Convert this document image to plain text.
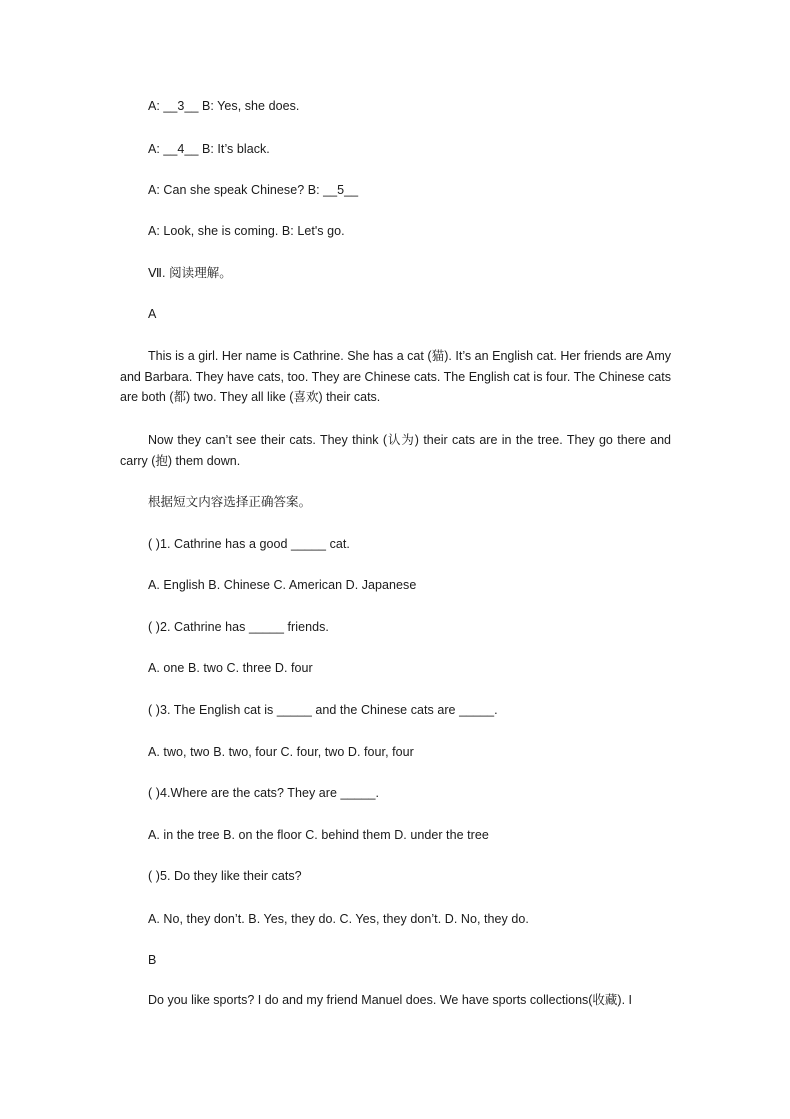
A: __3__ B: Yes, she does.
A: __4__ B: It’s black.
A: Can she speak Chinese? B: __5__
A: Look, she is coming. B: Let's go.
Ⅶ. 阅读理解。
A
This is a girl. Her name is Cathrine. She has a cat (猫). It’s an English cat. Her friends are Amy and Barbara. They have cats, too. They are Chinese cats. The English cat is four. The Chinese cats are both (都) two. They all like (喜欢) their cats.
Now they can’t see their cats. They think (认为) their cats are in the tree. They go there and carry (抱) them down.
根据短文内容选择正确答案。
( )1. Cathrine has a good _____ cat.
A. English B. Chinese C. American D. Japanese
( )2. Cathrine has _____ friends.
A. one B. two C. three D. four
( )3. The English cat is _____ and the Chinese cats are _____.
A. two, two B. two, four C. four, two D. four, four
( )4.Where are the cats? They are _____.
A. in the tree B. on the floor C. behind them D. under the tree
( )5. Do they like their cats?
A. No, they don’t. B. Yes, they do. C. Yes, they don’t. D. No, they do.
B
Do you like sports? I do and my friend Manuel does. We have sports collections(收藏). I
